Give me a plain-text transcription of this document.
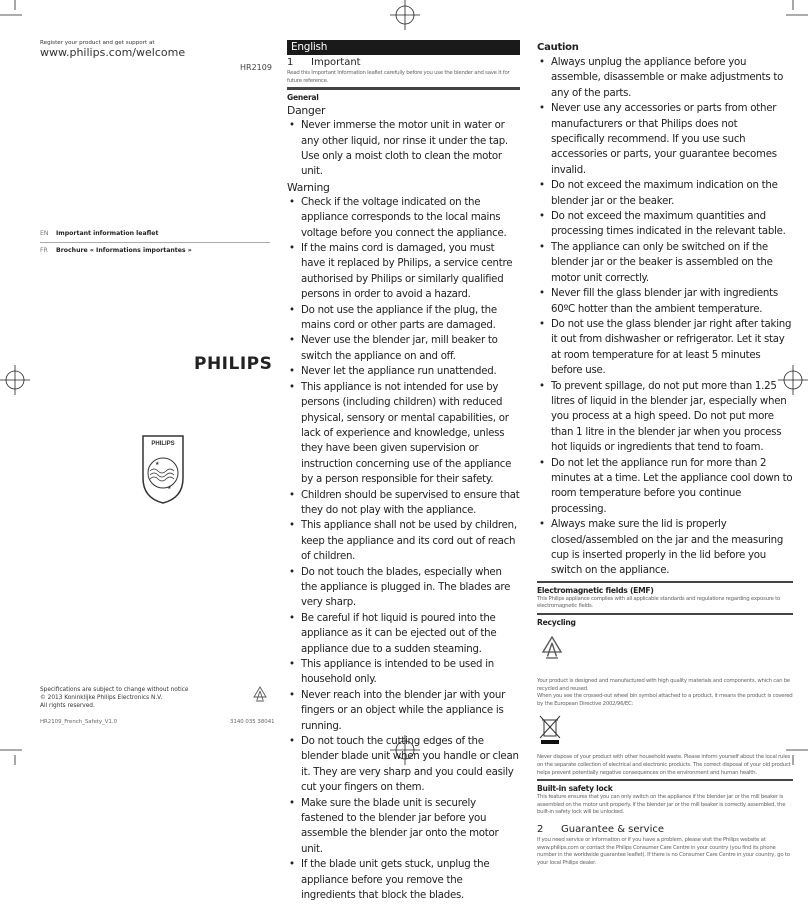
Register your product and get support at
www.philips.com/welcome
HR2109
EN Important information leaflet
FR Brochure « Informations importantes »
PHILIPS
PHILIPS
★
★
Specifications are subject to change without notice
© 2013 Koninklijke Philips Electronics N.V.
All rights reserved.
HR2109_French_Safety_V1.0	3140 035 38041
English
1 Important
Read this Important Information leaflet carefully before you use the blender and save it for future reference.
General
Danger
• Never immerse the motor unit in water or any other liquid, nor rinse it under the tap. Use only a moist cloth to clean the motor unit.
Warning
• Check if the voltage indicated on the appliance corresponds to the local mains voltage before you connect the appliance.
• If the mains cord is damaged, you must have it replaced by Philips, a service centre authorised by Philips or similarly qualified persons in order to avoid a hazard.
• Do not use the appliance if the plug, the mains cord or other parts are damaged.
• Never use the blender jar, mill beaker to switch the appliance on and off.
• Never let the appliance run unattended.
• This appliance is not intended for use by persons (including children) with reduced physical, sensory or mental capabilities, or lack of experience and knowledge, unless they have been given supervision or instruction concerning use of the appliance by a person responsible for their safety.
• Children should be supervised to ensure that they do not play with the appliance.
• This appliance shall not be used by children, keep the appliance and its cord out of reach of children.
• Do not touch the blades, especially when the appliance is plugged in. The blades are very sharp.
• Be careful if hot liquid is poured into the appliance as it can be ejected out of the appliance due to a sudden steaming.
• This appliance is intended to be used in household only.
• Never reach into the blender jar with your fingers or an object while the appliance is running.
• Do not touch the cutting edges of the blender blade unit when you handle or clean it. They are very sharp and you could easily cut your fingers on them.
• Make sure the blade unit is securely fastened to the blender jar before you assemble the blender jar onto the motor unit.
• If the blade unit gets stuck, unplug the appliance before you remove the ingredients that block the blades.
Caution
• Always unplug the appliance before you assemble, disassemble or make adjustments to any of the parts.
• Never use any accessories or parts from other manufacturers or that Philips does not specifically recommend. If you use such accessories or parts, your guarantee becomes invalid.
• Do not exceed the maximum indication on the blender jar or the beaker.
• Do not exceed the maximum quantities and processing times indicated in the relevant table.
• The appliance can only be switched on if the blender jar or the beaker is assembled on the motor unit correctly.
• Never fill the glass blender jar with ingredients 60ºC hotter than the ambient temperature.
• Do not use the glass blender jar right after taking it out from dishwasher or refrigerator. Let it stay at room temperature for at least 5 minutes before use.
• To prevent spillage, do not put more than 1.25 litres of liquid in the blender jar, especially when you process at a high speed. Do not put more than 1 litre in the blender jar when you process hot liquids or ingredients that tend to foam.
• Do not let the appliance run for more than 2 minutes at a time. Let the appliance cool down to room temperature before you continue processing.
• Always make sure the lid is properly closed/assembled on the jar and the measuring cup is inserted properly in the lid before you switch on the appliance.
Electromagnetic fields (EMF)
This Philips appliance complies with all applicable standards and regulations regarding exposure to electromagnetic fields.
Recycling
Your product is designed and manufactured with high quality materials and components, which can be recycled and reused.
When you see the crossed-out wheel bin symbol attached to a product, it means the product is covered by the European Directive 2002/96/EC:
Never dispose of your product with other household waste. Please inform yourself about the local rules on the separate collection of electrical and electronic products. The correct disposal of your old product helps prevent potentially negative consequences on the environment and human health.
Built-in safety lock
This feature ensures that you can only switch on the appliance if the blender jar or the mill beaker is assembled on the motor unit properly. If the blender jar or the mill beaker is correctly assembled, the built-in safety lock will be unlocked.
2 Guarantee & service
If you need service or information or if you have a problem, please visit the Philips website at www.philips.com or contact the Philips Consumer Care Centre in your country (you find its phone number in the worldwide guarantee leaflet). If there is no Consumer Care Centre in your country, go to your local Philips dealer.
